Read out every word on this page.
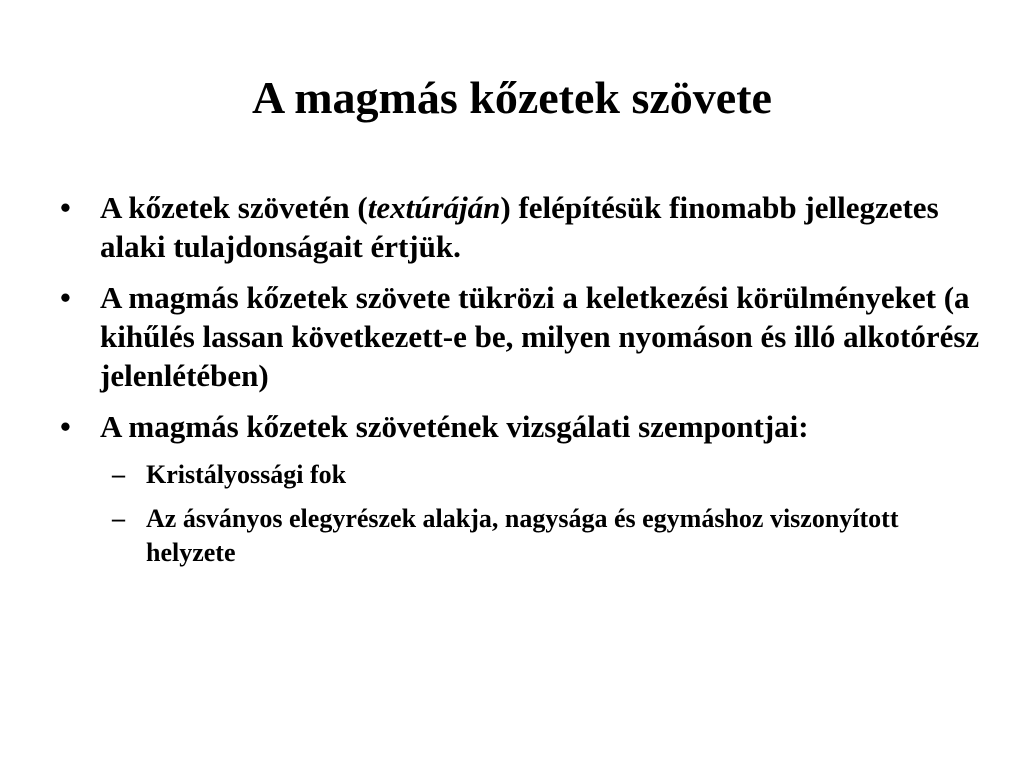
A magmás kőzetek szövete
• A kőzetek szövetén (textúráján) felépítésük finomabb jellegzetes alaki tulajdonságait értjük.
• A magmás kőzetek szövete tükrözi a keletkezési körülményeket (a kihűlés lassan következett-e be, milyen nyomáson és illó alkotórész jelenlétében)
• A magmás kőzetek szövetének vizsgálati szempontjai:
– Kristályossági fok
– Az ásványos elegyrészek alakja, nagysága és egymáshoz viszonyított helyzete
